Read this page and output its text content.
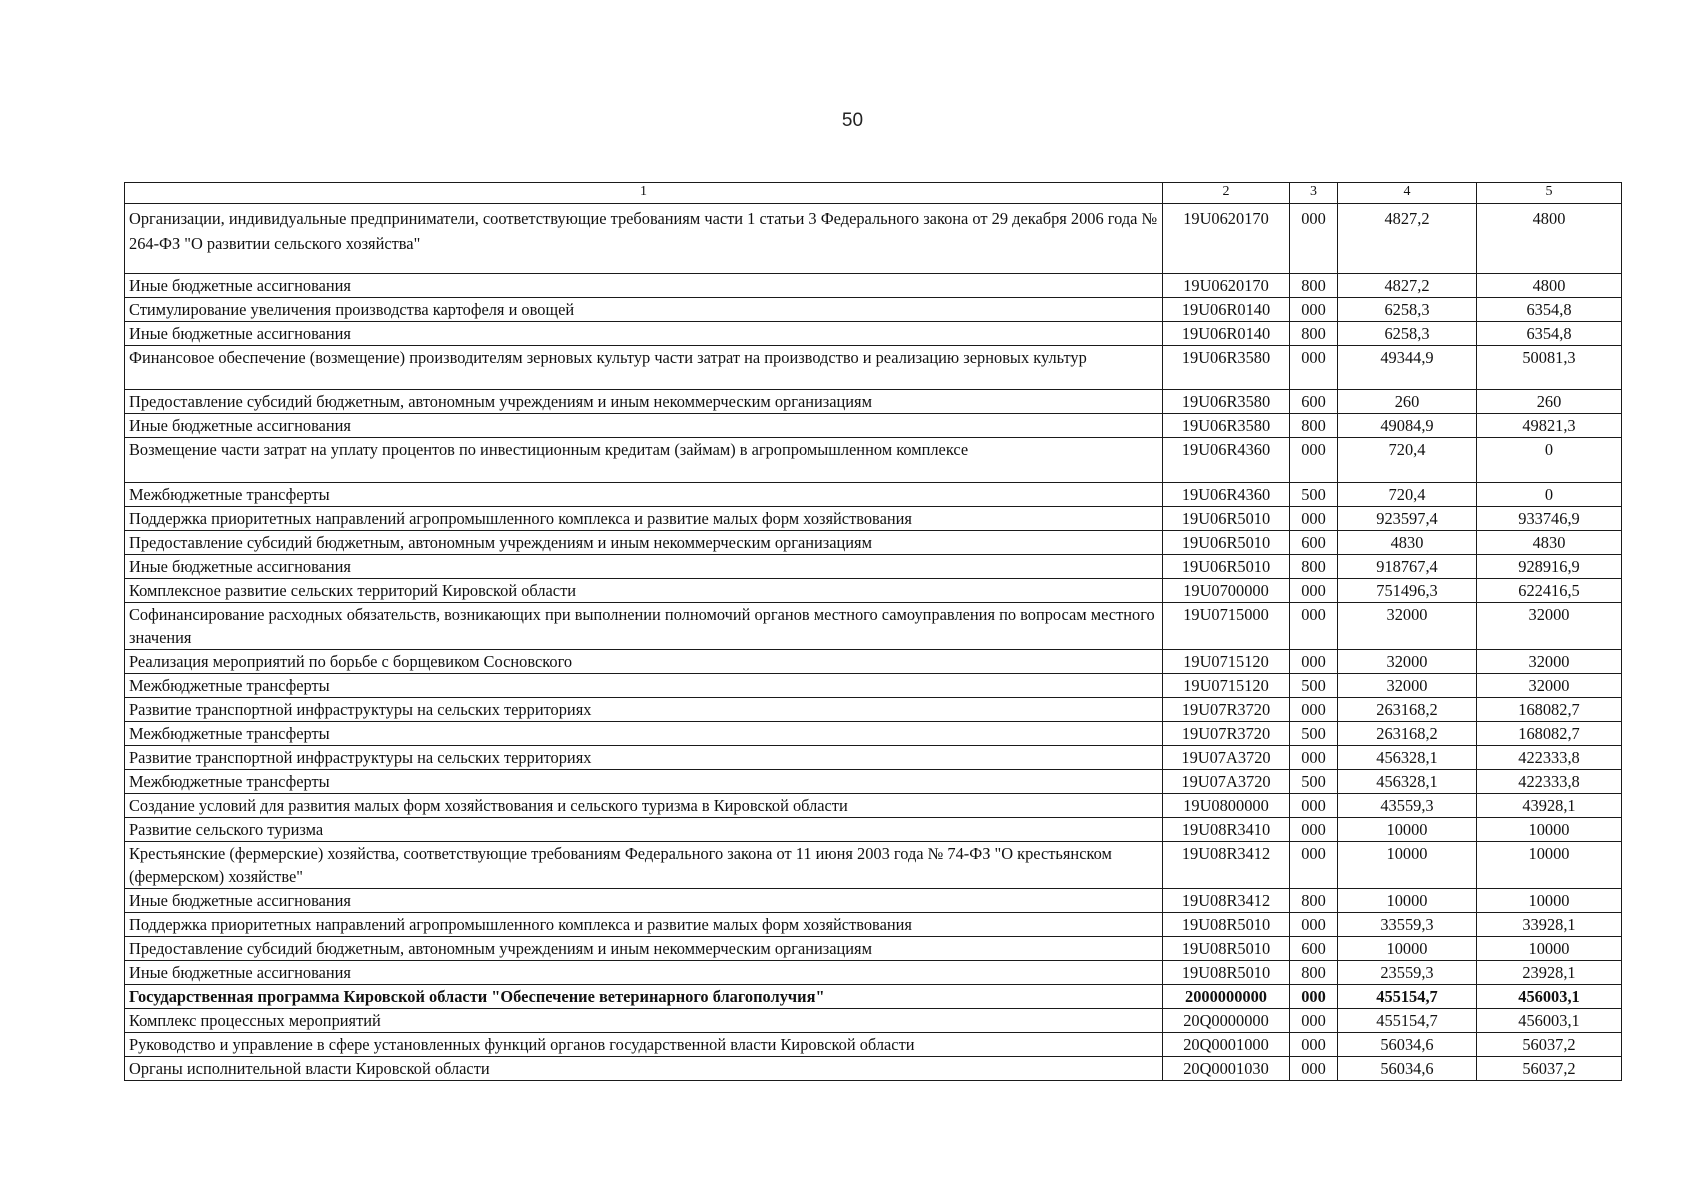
50
1	2	3	4	5
Организации, индивидуальные предприниматели, соответствующие требованиям части 1 статьи 3 Федерального закона от 29 декабря 2006 года № 264-ФЗ "О развитии сельского хозяйства"	19U0620170	000	4827,2	4800
Иные бюджетные ассигнования	19U0620170	800	4827,2	4800
Стимулирование увеличения производства картофеля и овощей	19U06R0140	000	6258,3	6354,8
Иные бюджетные ассигнования	19U06R0140	800	6258,3	6354,8
Финансовое обеспечение (возмещение) производителям зерновых культур части затрат на производство и реализацию зерновых культур	19U06R3580	000	49344,9	50081,3
Предоставление субсидий бюджетным, автономным учреждениям и иным некоммерческим организациям	19U06R3580	600	260	260
Иные бюджетные ассигнования	19U06R3580	800	49084,9	49821,3
Возмещение части затрат на уплату процентов по инвестиционным кредитам (займам) в агропромышленном комплексе	19U06R4360	000	720,4	0
Межбюджетные трансферты	19U06R4360	500	720,4	0
Поддержка приоритетных направлений агропромышленного комплекса и развитие малых форм хозяйствования	19U06R5010	000	923597,4	933746,9
Предоставление субсидий бюджетным, автономным учреждениям и иным некоммерческим организациям	19U06R5010	600	4830	4830
Иные бюджетные ассигнования	19U06R5010	800	918767,4	928916,9
Комплексное развитие сельских территорий Кировской области	19U0700000	000	751496,3	622416,5
Софинансирование расходных обязательств, возникающих при выполнении полномочий органов местного самоуправления по вопросам местного значения	19U0715000	000	32000	32000
Реализация мероприятий по борьбе с борщевиком Сосновского	19U0715120	000	32000	32000
Межбюджетные трансферты	19U0715120	500	32000	32000
Развитие транспортной инфраструктуры на сельских территориях	19U07R3720	000	263168,2	168082,7
Межбюджетные трансферты	19U07R3720	500	263168,2	168082,7
Развитие транспортной инфраструктуры на сельских территориях	19U07A3720	000	456328,1	422333,8
Межбюджетные трансферты	19U07A3720	500	456328,1	422333,8
Создание условий для развития малых форм хозяйствования и сельского туризма в Кировской области	19U0800000	000	43559,3	43928,1
Развитие сельского туризма	19U08R3410	000	10000	10000
Крестьянские (фермерские) хозяйства, соответствующие требованиям Федерального закона от 11 июня 2003 года № 74-ФЗ "О крестьянском (фермерском) хозяйстве"	19U08R3412	000	10000	10000
Иные бюджетные ассигнования	19U08R3412	800	10000	10000
Поддержка приоритетных направлений агропромышленного комплекса и развитие малых форм хозяйствования	19U08R5010	000	33559,3	33928,1
Предоставление субсидий бюджетным, автономным учреждениям и иным некоммерческим организациям	19U08R5010	600	10000	10000
Иные бюджетные ассигнования	19U08R5010	800	23559,3	23928,1
Государственная программа Кировской области "Обеспечение ветеринарного благополучия"	2000000000	000	455154,7	456003,1
Комплекс процессных мероприятий	20Q0000000	000	455154,7	456003,1
Руководство и управление в сфере установленных функций органов государственной власти Кировской области	20Q0001000	000	56034,6	56037,2
Органы исполнительной власти Кировской области	20Q0001030	000	56034,6	56037,2
